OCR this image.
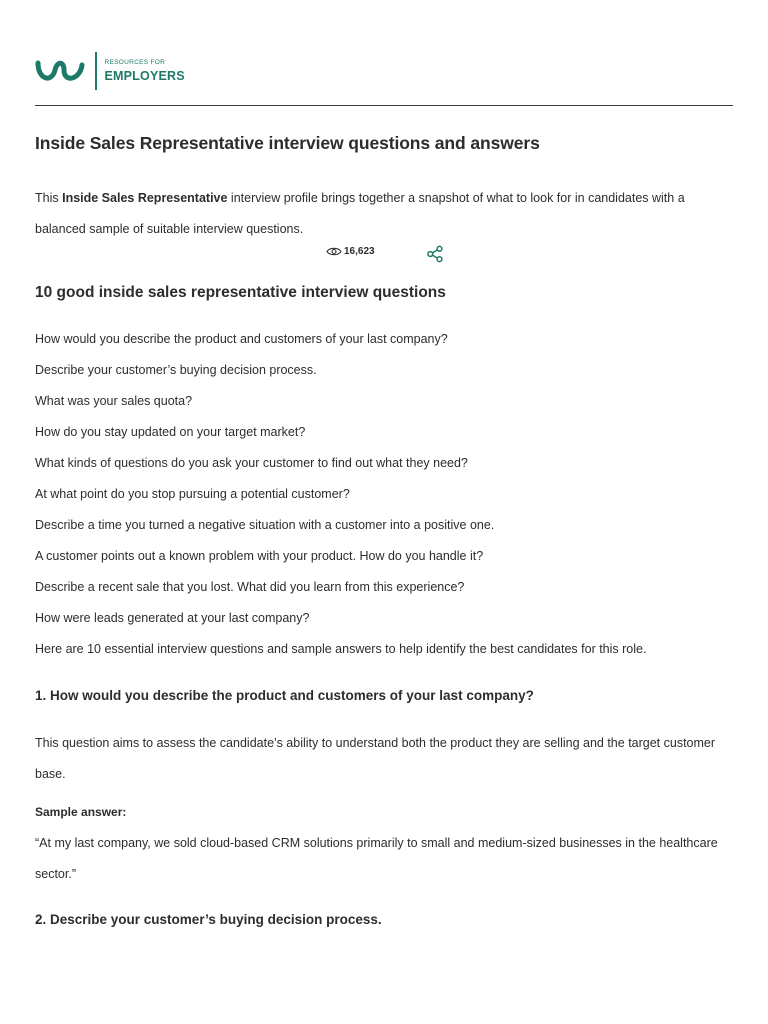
RESOURCES FOR
EMPLOYERS
Inside Sales Representative interview questions and answers

This Inside Sales Representative interview profile brings together a snapshot of what to look for in candidates with a balanced sample of suitable interview questions.

16,623
10 good inside sales representative interview questions
How would you describe the product and customers of your last company?
Describe your customer’s buying decision process.
What was your sales quota?
How do you stay updated on your target market?
What kinds of questions do you ask your customer to find out what they need?
At what point do you stop pursuing a potential customer?
Describe a time you turned a negative situation with a customer into a positive one.
A customer points out a known problem with your product. How do you handle it?
Describe a recent sale that you lost. What did you learn from this experience?
How were leads generated at your last company?
Here are 10 essential interview questions and sample answers to help identify the best candidates for this role.
1. How would you describe the product and customers of your last company?

This question aims to assess the candidate’s ability to understand both the product they are selling and the target customer base.

Sample answer:

“At my last company, we sold cloud-based CRM solutions primarily to small and medium-sized businesses in the healthcare sector.”

2. Describe your customer’s buying decision process.
